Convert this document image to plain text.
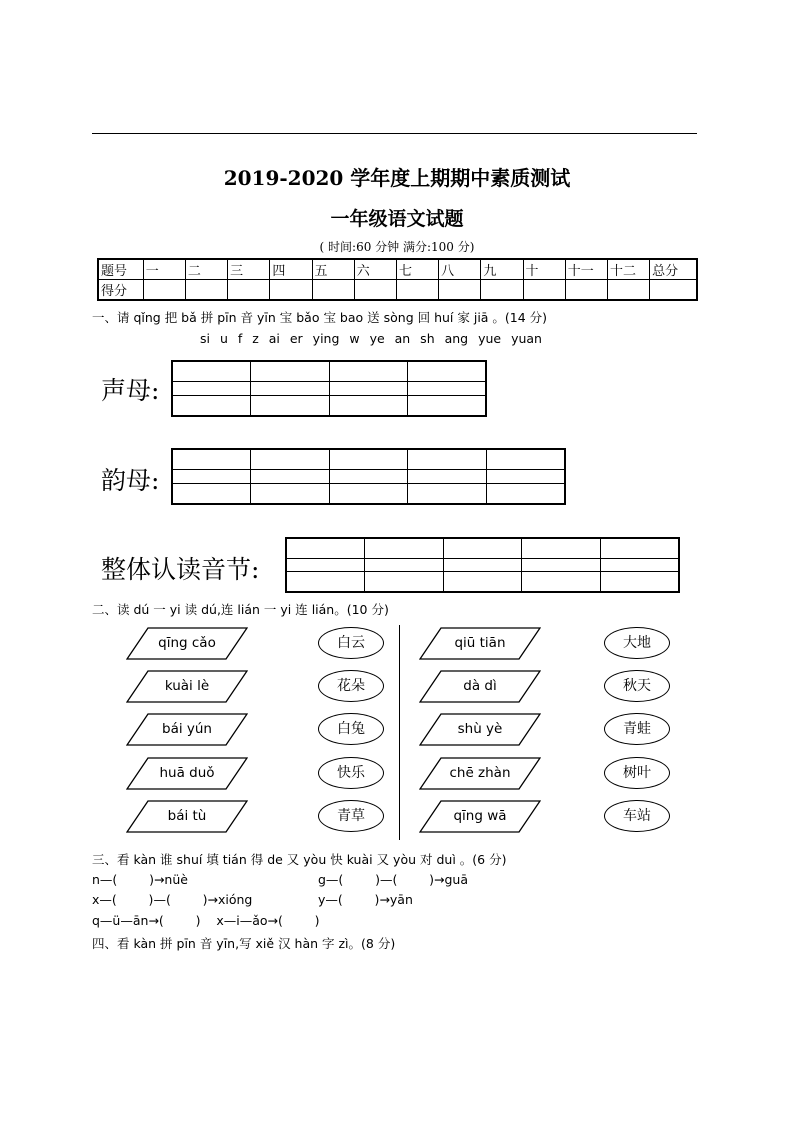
2019-2020 学年度上期期中素质测试
一年级语文试题
( 时间:60 分钟 满分:100 分)
题号	一	二	三	四	五	六	七	八	九	十	十一	十二	总分
得分													
一、请 qǐng 把 bǎ 拼 pīn 音 yīn 宝 bǎo 宝 bao 送 sòng 回 huí 家 jiā 。(14 分)
si u f z ai er ying w ye an sh ang yue yuan
声母:

韵母:

整体认读音节:

二、读 dú 一 yi 读 dú,连 lián 一 yi 连 lián。(10 分)
qīng cǎo
kuài lè
bái yún
huā duǒ
bái tù
白云
花朵
白兔
快乐
青草
qiū tiān
dà dì
shù yè
chē zhàn
qīng wā
大地
秋天
青蛙
树叶
车站
三、看 kàn 谁 shuí 填 tián 得 de 又 yòu 快 kuài 又 yòu 对 duì 。(6 分)
n—(        )→nüè	g—(        )—(        )→guā
x—(        )—(        )→xióng	y—(        )→yān
q—ü—ān→(        )    x—i—ǎo→(        )
四、看 kàn 拼 pīn 音 yīn,写 xiě 汉 hàn 字 zì。(8 分)
